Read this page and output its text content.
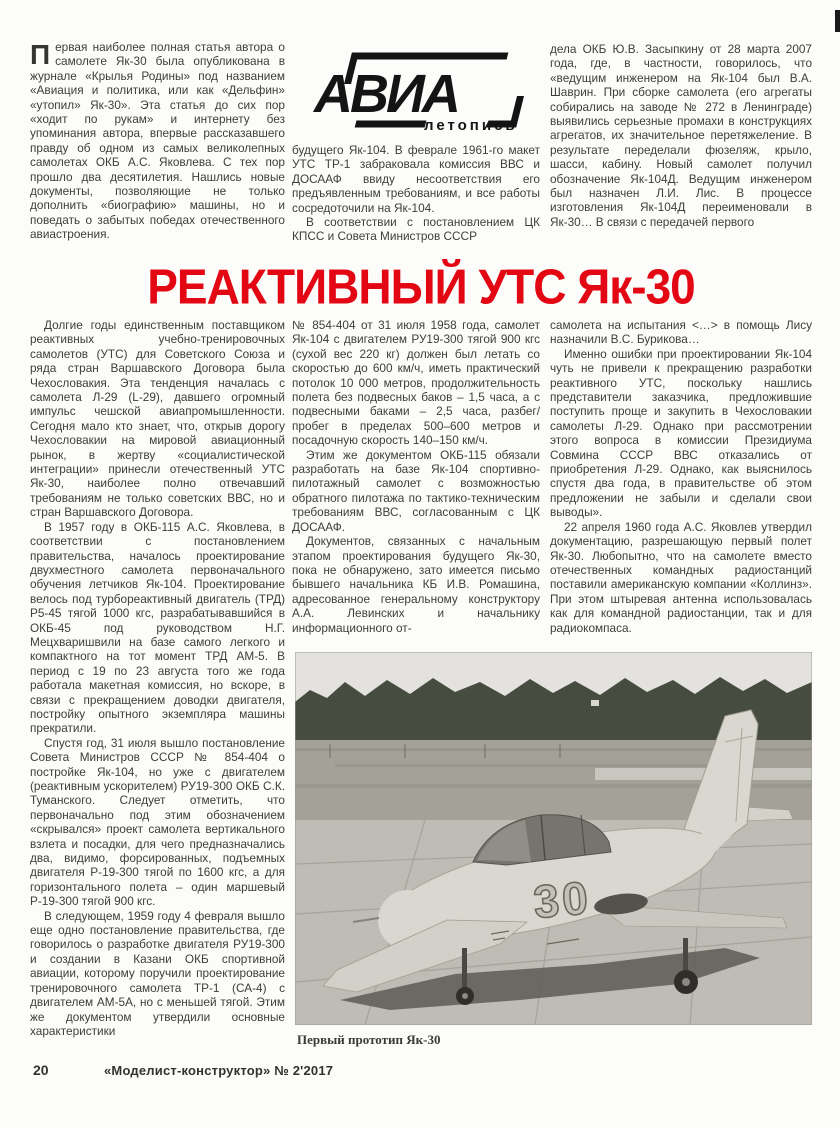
Первая наиболее полная статья автора о самолете Як-30 была опубликована в журнале «Крылья Родины» под названием «Авиация и политика, или как «Дельфин» «утопил» Як-30». Эта статья до сих пор «ходит по рукам» и интернету без упоминания автора, впервые рассказавшего правду об одном из самых великолепных самолетах ОКБ А.С. Яковлева. С тех пор прошло два десятилетия. Нашлись новые документы, позволяющие не только дополнить «биографию» машины, но и поведать о забытых победах отечественного авиастроения.

АВИА
летопись

будущего Як-104. В феврале 1961-го макет УТС ТР-1 забраковала комиссия ВВС и ДОСААФ ввиду несоответствия его предъявленным требованиям, и все работы сосредоточили на Як-104.

В соответствии с постановлением ЦК КПСС и Совета Министров СССР

дела ОКБ Ю.В. Засыпкину от 28 марта 2007 года, где, в частности, говорилось, что «ведущим инженером на Як-104 был В.А. Шаврин. При сборке самолета (его агрегаты собирались на заводе № 272 в Ленинграде) выявились серьезные промахи в конструкциях агрегатов, их значительное перетяжеление. В результате переделали фюзеляж, крыло, шасси, кабину. Новый самолет получил обозначение Як-104Д. Ведущим инженером был назначен Л.И. Лис. В процессе изготовления Як-104Д переименовали в Як-30… В связи с передачей первого

РЕАКТИВНЫЙ УТС Як-30

Долгие годы единственным поставщиком реактивных учебно-тренировочных самолетов (УТС) для Советского Союза и ряда стран Варшавского Договора была Чехословакия. Эта тенденция началась с самолета Л-29 (L-29), давшего огромный импульс чешской авиапромышленности. Сегодня мало кто знает, что, открыв дорогу Чехословакии на мировой авиационный рынок, в жертву «социалистической интеграции» принесли отечественный УТС Як-30, наиболее полно отвечавший требованиям не только советских ВВС, но и стран Варшавского Договора.

В 1957 году в ОКБ-115 А.С. Яковлева, в соответствии с постановлением правительства, началось проектирование двухместного самолета первоначального обучения летчиков Як-104. Проектирование велось под турбореактивный двигатель (ТРД) Р5-45 тягой 1000 кгс, разрабатывавшийся в ОКБ-45 под руководством Н.Г. Мецхваришвили на базе самого легкого и компактного на тот момент ТРД АМ-5. В период с 19 по 23 августа того же года работала макетная комиссия, но вскоре, в связи с прекращением доводки двигателя, постройку опытного экземпляра машины прекратили.

Спустя год, 31 июля вышло постановление Совета Министров СССР № 854-404 о постройке Як-104, но уже с двигателем (реактивным ускорителем) РУ19-300 ОКБ С.К. Туманского. Следует отметить, что первоначально под этим обозначением «скрывался» проект самолета вертикального взлета и посадки, для чего предназначались два, видимо, форсированных, подъемных двигателя Р-19-300 тягой по 1600 кгс, а для горизонтального полета – один маршевый Р-19-300 тягой 900 кгс.

В следующем, 1959 году 4 февраля вышло еще одно постановление правительства, где говорилось о разработке двигателя РУ19-300 и создании в Казани ОКБ спортивной авиации, которому поручили проектирование тренировочного самолета ТР-1 (СА-4) с двигателем АМ-5А, но с меньшей тягой. Этим же документом утвердили основные характеристики

№ 854-404 от 31 июля 1958 года, самолет Як-104 с двигателем РУ19-300 тягой 900 кгс (сухой вес 220 кг) должен был летать со скоростью до 600 км/ч, иметь практический потолок 10 000 метров, продолжительность полета без подвесных баков – 1,5 часа, а с подвесными баками – 2,5 часа, разбег/пробег в пределах 500–600 метров и посадочную скорость 140–150 км/ч.

Этим же документом ОКБ-115 обязали разработать на базе Як-104 спортивно-пилотажный самолет с возможностью обратного пилотажа по тактико-техническим требованиям ВВС, согласованным с ЦК ДОСААФ.

Документов, связанных с начальным этапом проектирования будущего Як-30, пока не обнаружено, зато имеется письмо бывшего начальника КБ И.В. Ромашина, адресованное генеральному конструктору А.А. Левинских и начальнику информационного от-

самолета на испытания <…> в помощь Лису назначили В.С. Бурикова…

Именно ошибки при проектировании Як-104 чуть не привели к прекращению разработки реактивного УТС, поскольку нашлись представители заказчика, предложившие поступить проще и закупить в Чехословакии самолеты Л-29. Однако при рассмотрении этого вопроса в комиссии Президиума Совмина СССР ВВС отказались от приобретения Л-29. Однако, как выяснилось спустя два года, в правительстве об этом предложении не забыли и сделали свои выводы».

22 апреля 1960 года А.С. Яковлев утвердил документацию, разрешающую первый полет Як-30. Любопытно, что на самолете вместо отечественных командных радиостанций поставили американскую компании «Коллинз». При этом штыревая антенна использовалась как для командной радиостанции, так и для радиокомпаса.

30
Первый прототип Як-30
20	«Моделист-конструктор» № 2'2017
